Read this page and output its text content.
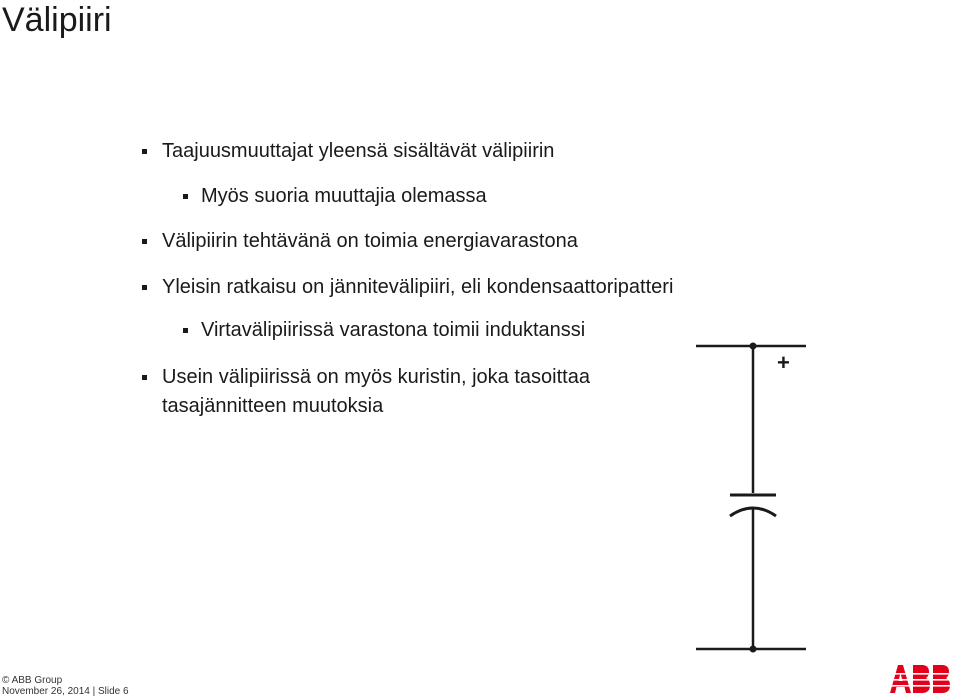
Välipiiri
Taajuusmuuttajat yleensä sisältävät välipiirin
Myös suoria muuttajia olemassa
Välipiirin tehtävänä on toimia energiavarastona
Yleisin ratkaisu on jännitevälipiiri, eli kondensaattoripatteri
Virtavälipiirissä varastona toimii induktanssi
Usein välipiirissä on myös kuristin, joka tasoittaa
tasajännitteen muutoksia
+
© ABB Group
November 26, 2014 | Slide 6
